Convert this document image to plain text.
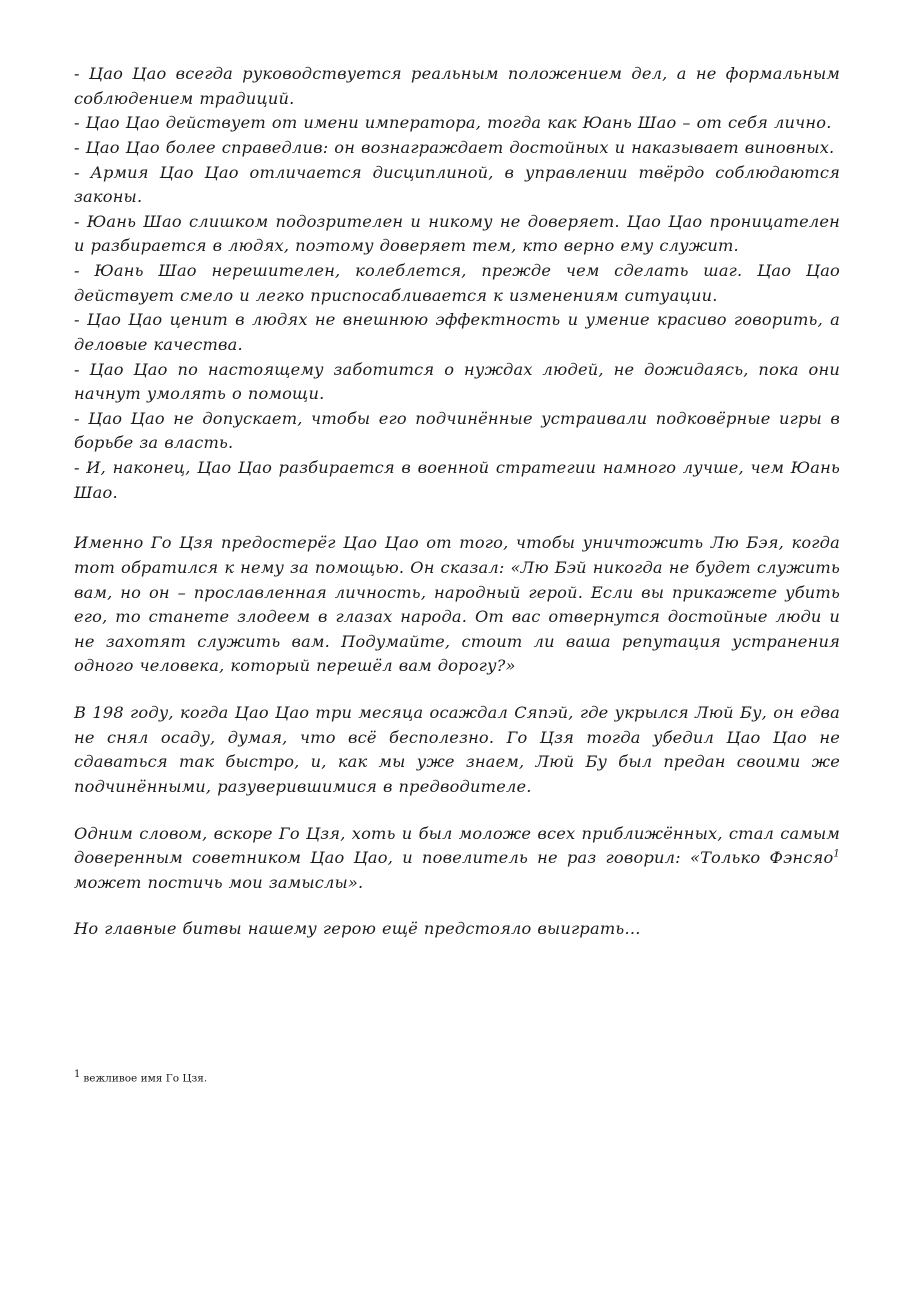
- Цао Цао всегда руководствуется реальным положением дел, а не формальным соблюдением традиций.

- Цао Цао действует от имени императора, тогда как Юань Шао – от себя лично.

- Цао Цао более справедлив: он вознаграждает достойных и наказывает виновных.

- Армия Цао Цао отличается дисциплиной, в управлении твёрдо соблюдаются законы.

- Юань Шао слишком подозрителен и никому не доверяет. Цао Цао проницателен и разбирается в людях, поэтому доверяет тем, кто верно ему служит.

- Юань Шао нерешителен, колеблется, прежде чем сделать шаг. Цао Цао действует смело и легко приспосабливается к изменениям ситуации.

- Цао Цао ценит в людях не внешнюю эффектность и умение красиво говорить, а деловые качества.

- Цао Цао по настоящему заботится о нуждах людей, не дожидаясь, пока они начнут умолять о помощи.

- Цао Цао не допускает, чтобы его подчинённые устраивали подковёрные игры в борьбе за власть.

- И, наконец, Цао Цао разбирается в военной стратегии намного лучше, чем Юань Шао.

Именно Го Цзя предостерёг Цао Цао от того, чтобы уничтожить Лю Бэя, когда тот обратился к нему за помощью. Он сказал: «Лю Бэй никогда не будет служить вам, но он – прославленная личность, народный герой. Если вы прикажете убить его, то станете злодеем в глазах народа. От вас отвернутся достойные люди и не захотят служить вам. Подумайте, стоит ли ваша репутация устранения одного человека, который перешёл вам дорогу?»

В 198 году, когда Цао Цао три месяца осаждал Сяпэй, где укрылся Люй Бу, он едва не снял осаду, думая, что всё бесполезно. Го Цзя тогда убедил Цао Цао не сдаваться так быстро, и, как мы уже знаем, Люй Бу был предан своими же подчинёнными, разуверившимися в предводителе.

Одним словом, вскоре Го Цзя, хоть и был моложе всех приближённых, стал самым доверенным советником Цао Цао, и повелитель не раз говорил: «Только Фэнсяо$^1$ может постичь мои замыслы».

Но главные битвы нашему герою ещё предстояло выиграть…

1 вежливое имя Го Цзя.
